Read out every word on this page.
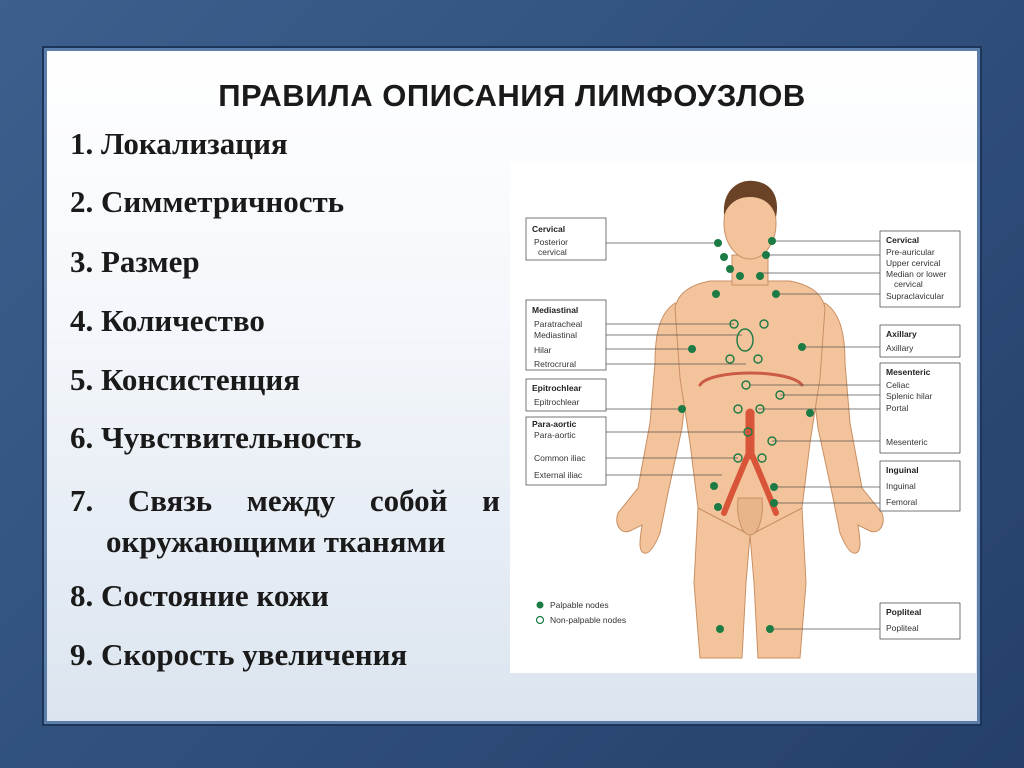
ПРАВИЛА ОПИСАНИЯ ЛИМФОУЗЛОВ
1. Локализация
2. Симметричность
3. Размер
4. Количество
5. Консистенция
6. Чувствительность
7. Связь между собой и
окружающими тканями
8. Состояние кожи
9. Скорость увеличения
Cervical
Posterior
cervical
Mediastinal
Paratracheal
Mediastinal
Hilar
Retrocrural
Epitrochlear
Epitrochlear
Para-aortic
Para-aortic
Common iliac
External iliac
Cervical
Pre-auricular
Upper cervical
Median or lower
cervical
Supraclavicular
Axillary
Axillary
Mesenteric
Celiac
Splenic hilar
Portal
Mesenteric
Inguinal
Inguinal
Femoral
Popliteal
Popliteal
Palpable nodes
Non-palpable nodes
